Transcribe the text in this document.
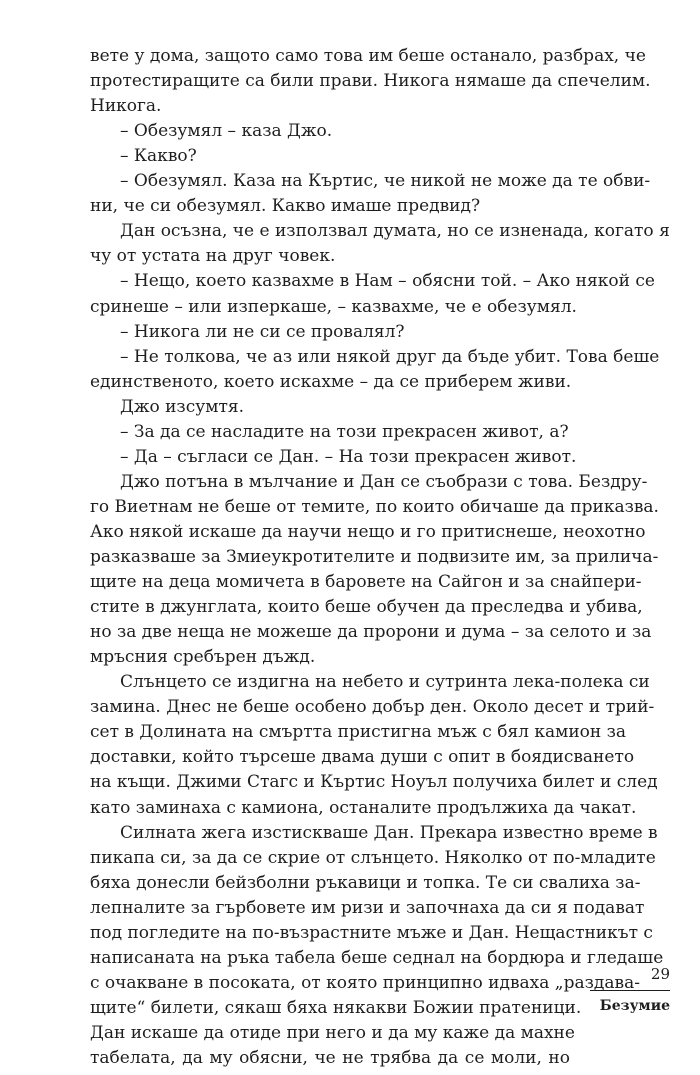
вете у дома, защото само това им беше останало, разбрах, че
протестиращите са били прави. Никога нямаше да спечелим.
Никога.
– Обезумял – каза Джо.
– Какво?
– Обезумял. Каза на Къртис, че никой не може да те обви-
ни, че си обезумял. Какво имаше предвид?
Дан осъзна, че е използвал думата, но се изненада, когато я
чу от устата на друг човек.
– Нещо, което казвахме в Нам – обясни той. – Ако някой се
сринеше – или изперкаше, – казвахме, че е обезумял.
– Никога ли не си се провалял?
– Не толкова, че аз или някой друг да бъде убит. Това беше
единственото, което искахме – да се приберем живи.
Джо изсумтя.
– За да се насладите на този прекрасен живот, а?
– Да – съгласи се Дан. – На този прекрасен живот.
Джо потъна в мълчание и Дан се съобрази с това. Бездру-
го Виетнам не беше от темите, по които обичаше да приказва.
Ако някой искаше да научи нещо и го притиснеше, неохотно
разказваше за Змиеукротителите и подвизите им, за прилича-
щите на деца момичета в баровете на Сайгон и за снайпери-
стите в джунглата, които беше обучен да преследва и убива,
но за две неща не можеше да пророни и дума – за селото и за
мръсния сребърен дъжд.
Слънцето се издигна на небето и сутринта лека-полека си
замина. Днес не беше особено добър ден. Около десет и трий-
сет в Долината на смъртта пристигна мъж с бял камион за
доставки, който търсеше двама души с опит в боядисването
на къщи. Джими Стагс и Къртис Ноуъл получиха билет и след
като заминаха с камиона, останалите продължиха да чакат.
Силната жега изстискваше Дан. Прекара известно време в
пикапа си, за да се скрие от слънцето. Няколко от по-младите
бяха донесли бейзболни ръкавици и топка. Те си свалиха за-
лепналите за гърбовете им ризи и започнаха да си я подават
под погледите на по-възрастните мъже и Дан. Нещастникът с
написаната на ръка табела беше седнал на бордюра и гледаше
с очакване в посоката, от която принципно идваха „раздава-
щите“ билети, сякаш бяха някакви Божии пратеници.
Дан искаше да отиде при него и да му каже да махне
29
Безумие
табелата, да му обясни, че не трябва да се моли, но
